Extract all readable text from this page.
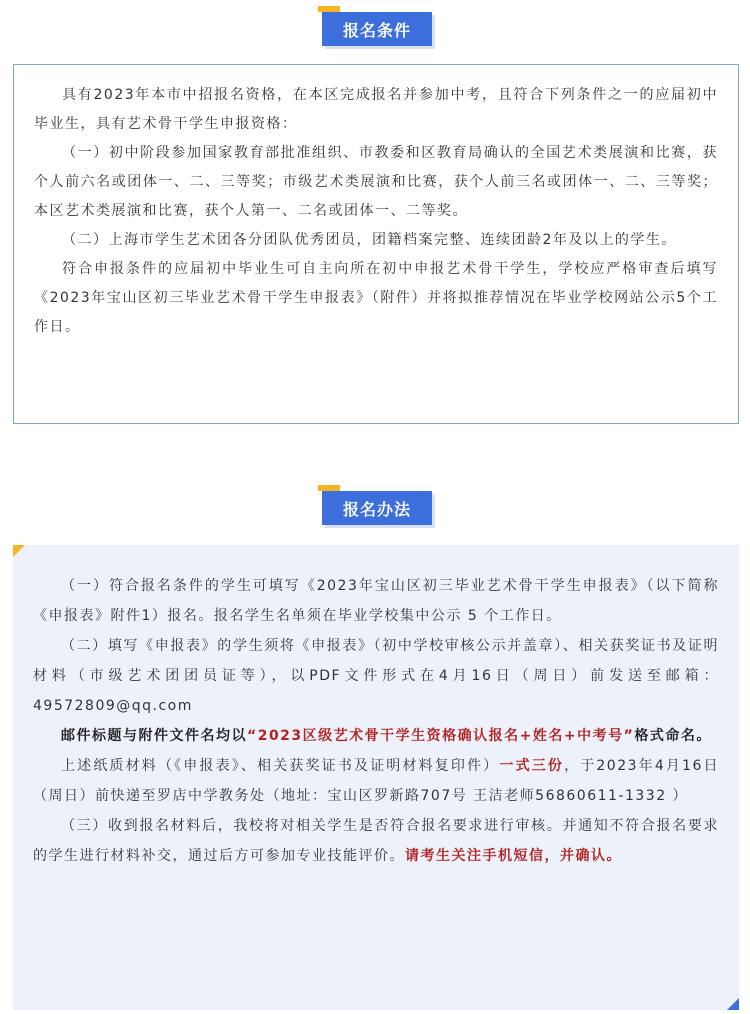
报名条件

具有2023年本市中招报名资格，在本区完成报名并参加中考，且符合下列条件之一的应届初中毕业生，具有艺术骨干学生申报资格：

（一）初中阶段参加国家教育部批准组织、市教委和区教育局确认的全国艺术类展演和比赛，获个人前六名或团体一、二、三等奖；市级艺术类展演和比赛，获个人前三名或团体一、二、三等奖；本区艺术类展演和比赛，获个人第一、二名或团体一、二等奖。

（二）上海市学生艺术团各分团队优秀团员，团籍档案完整、连续团龄2年及以上的学生。

符合申报条件的应届初中毕业生可自主向所在初中申报艺术骨干学生，学校应严格审查后填写《2023年宝山区初三毕业艺术骨干学生申报表》（附件）并将拟推荐情况在毕业学校网站公示5个工作日。

报名办法

（一）符合报名条件的学生可填写《2023年宝山区初三毕业艺术骨干学生申报表》（以下简称《申报表》附件1）报名。报名学生名单须在毕业学校集中公示 5 个工作日。

（二）填写《申报表》的学生须将《申报表》（初中学校审核公示并盖章）、相关获奖证书及证明材料（市级艺术团团员证等），以PDF文件形式在4月16日（周日）前发送至邮箱：49572809@qq.com

邮件标题与附件文件名均以“2023区级艺术骨干学生资格确认报名+姓名+中考号”格式命名。

上述纸质材料（《申报表》、相关获奖证书及证明材料复印件）一式三份，于2023年4月16日（周日）前快递至罗店中学教务处（地址：宝山区罗新路707号 王洁老师56860611-1332 ）

（三）收到报名材料后，我校将对相关学生是否符合报名要求进行审核。并通知不符合报名要求的学生进行材料补交，通过后方可参加专业技能评价。请考生关注手机短信，并确认。
